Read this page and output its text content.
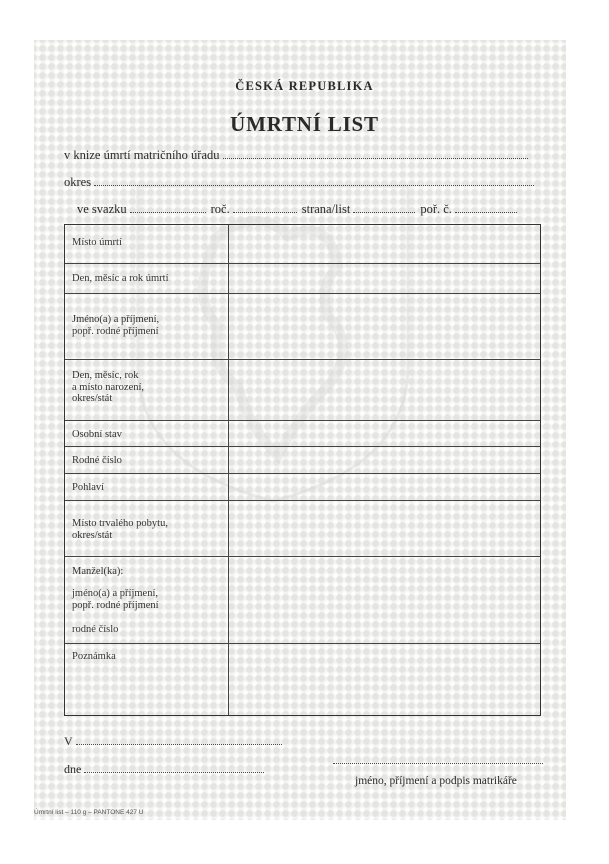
ČESKÁ REPUBLIKA
ÚMRTNÍ LIST
v knize úmrtí matričního úřadu
okres
ve svazku	roč.	strana/list	poř. č.
Místo úmrtí
Den, měsíc a rok úmrtí
Jméno(a) a příjmení,
popř. rodné příjmení
Den, měsíc, rok
a místo narození,
okres/stát
Osobní stav
Rodné číslo
Pohlaví
Místo trvalého pobytu,
okres/stát
Manžel(ka):
jméno(a) a příjmení,
popř. rodné příjmení
rodné číslo
Poznámka
V
dne
jméno, příjmení a podpis matrikáře
Úmrtní list – 110 g – PANTONE 427 U
